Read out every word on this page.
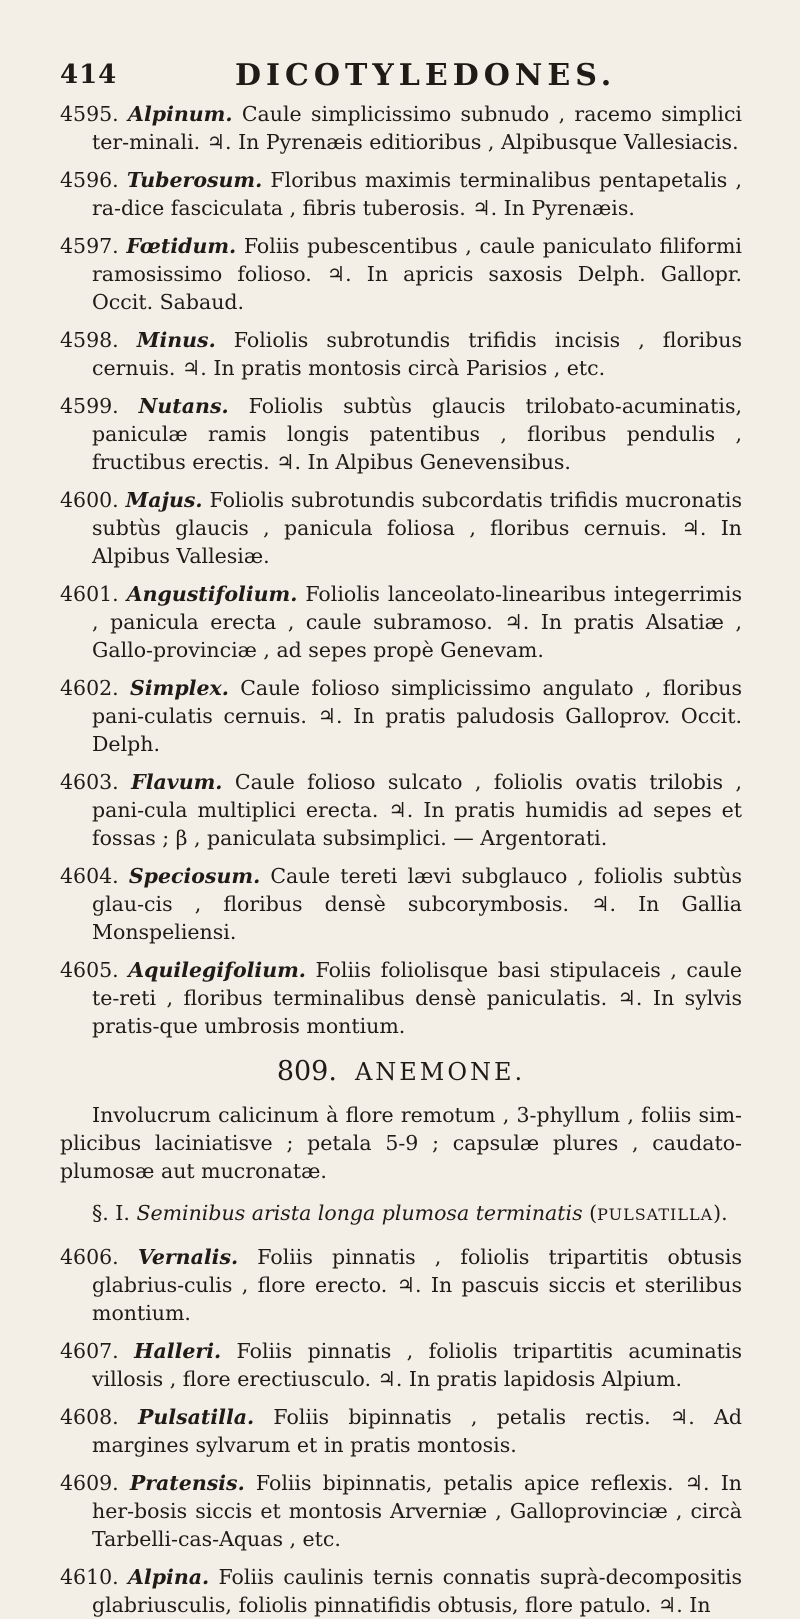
414	DICOTYLEDONES.

4595. Alpinum. Caule simplicissimo subnudo , racemo simplici ter-minali. ♃. In Pyrenæis editioribus , Alpibusque Vallesiacis.

4596. Tuberosum. Floribus maximis terminalibus pentapetalis , ra-dice fasciculata , fibris tuberosis. ♃. In Pyrenæis.

4597. Fœtidum. Foliis pubescentibus , caule paniculato filiformi ramosissimo folioso. ♃. In apricis saxosis Delph. Gallopr. Occit. Sabaud.

4598. Minus. Foliolis subrotundis trifidis incisis , floribus cernuis. ♃. In pratis montosis circà Parisios , etc.

4599. Nutans. Foliolis subtùs glaucis trilobato-acuminatis, paniculæ ramis longis patentibus , floribus pendulis , fructibus erectis. ♃. In Alpibus Genevensibus.

4600. Majus. Foliolis subrotundis subcordatis trifidis mucronatis subtùs glaucis , panicula foliosa , floribus cernuis. ♃. In Alpibus Vallesiæ.

4601. Angustifolium. Foliolis lanceolato-linearibus integerrimis , panicula erecta , caule subramoso. ♃. In pratis Alsatiæ , Gallo-provinciæ , ad sepes propè Genevam.

4602. Simplex. Caule folioso simplicissimo angulato , floribus pani-culatis cernuis. ♃. In pratis paludosis Galloprov. Occit. Delph.

4603. Flavum. Caule folioso sulcato , foliolis ovatis trilobis , pani-cula multiplici erecta. ♃. In pratis humidis ad sepes et fossas ; β , paniculata subsimplici. — Argentorati.

4604. Speciosum. Caule tereti lævi subglauco , foliolis subtùs glau-cis , floribus densè subcorymbosis. ♃. In Gallia Monspeliensi.

4605. Aquilegifolium. Foliis foliolisque basi stipulaceis , caule te-reti , floribus terminalibus densè paniculatis. ♃. In sylvis pratis-que umbrosis montium.

809. ANEMONE.

Involucrum calicinum à flore remotum , 3-phyllum , foliis sim-plicibus laciniatisve ; petala 5-9 ; capsulæ plures , caudato-plumosæ aut mucronatæ.

§. I. Seminibus arista longa plumosa terminatis (PULSATILLA).

4606. Vernalis. Foliis pinnatis , foliolis tripartitis obtusis glabrius-culis , flore erecto. ♃. In pascuis siccis et sterilibus montium.

4607. Halleri. Foliis pinnatis , foliolis tripartitis acuminatis villosis , flore erectiusculo. ♃. In pratis lapidosis Alpium.

4608. Pulsatilla. Foliis bipinnatis , petalis rectis. ♃. Ad margines sylvarum et in pratis montosis.

4609. Pratensis. Foliis bipinnatis, petalis apice reflexis. ♃. In her-bosis siccis et montosis Arverniæ , Galloprovinciæ , circà Tarbelli-cas-Aquas , etc.

4610. Alpina. Foliis caulinis ternis connatis suprà-decompositis glabriusculis, foliolis pinnatifidis obtusis, flore patulo. ♃. In
